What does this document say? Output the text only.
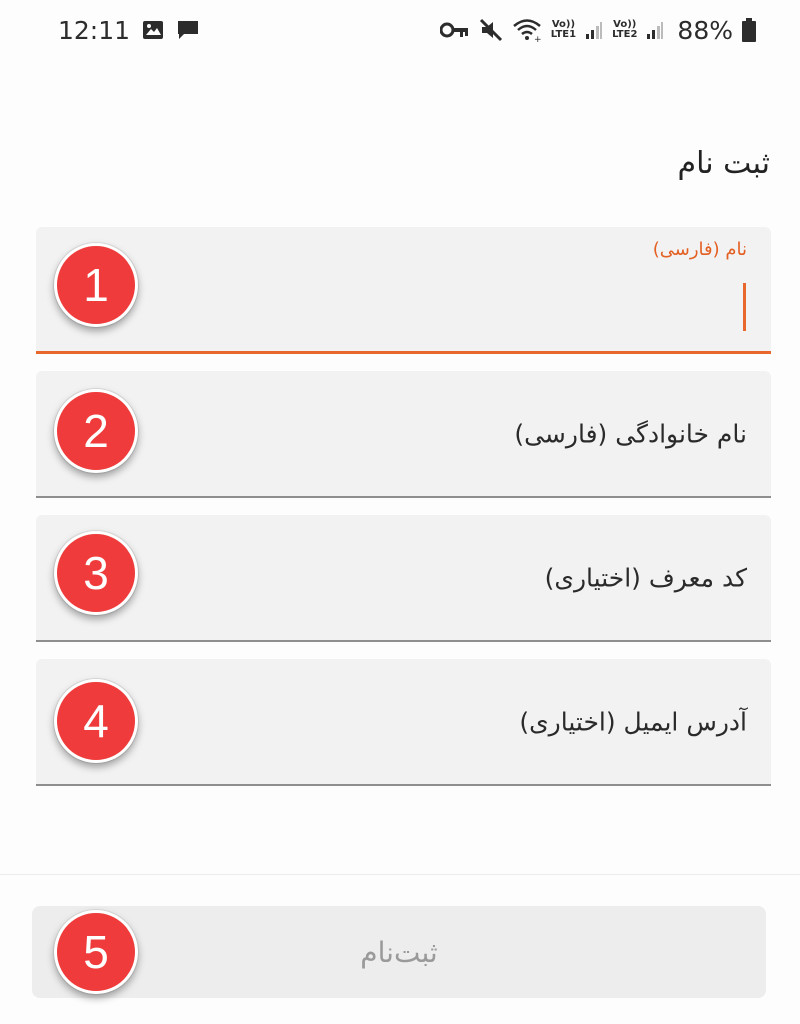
12:11	+
Vo))
LTE1
Vo))
LTE2 88%
ثبت نام
نام (فارسی)
1
نام خانوادگی (فارسی)
2
کد معرف (اختیاری)
3
آدرس ایمیل (اختیاری)
4
ثبت‌نام
5
